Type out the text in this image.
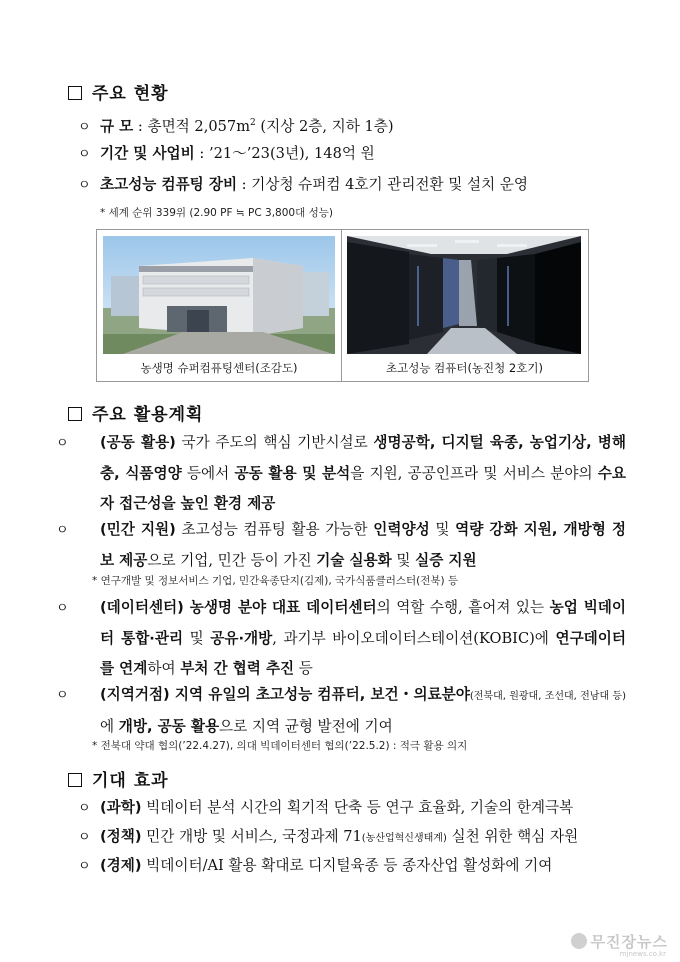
주요 현황
ㅇ 규 모 : 총면적 $2,057m^2$ (지상 2층, 지하 1층)
ㅇ 기간 및 사업비 : ’21～’23(3년), 148억 원
ㅇ 초고성능 컴퓨팅 장비 : 기상청 슈퍼컴 4호기 관리전환 및 설치 운영
* 세계 순위 339위 (2.90 PF ≒ PC 3,800대 성능)
농생명 슈퍼컴퓨팅센터(조감도)	초고성능 컴퓨터(농진청 2호기)
주요 활용계획
ㅇ (공동 활용) 국가 주도의 핵심 기반시설로 생명공학, 디지털 육종, 농업기상, 병해충, 식품영양 등에서 공동 활용 및 분석을 지원, 공공인프라 및 서비스 분야의 수요자 접근성을 높인 환경 제공
ㅇ (민간 지원) 초고성능 컴퓨팅 활용 가능한 인력양성 및 역량 강화 지원, 개방형 정보 제공으로 기업, 민간 등이 가진 기술 실용화 및 실증 지원
* 연구개발 및 정보서비스 기업, 민간육종단지(김제), 국가식품클러스터(전북) 등
ㅇ (데이터센터) 농생명 분야 대표 데이터센터의 역할 수행, 흩어져 있는 농업 빅데이터 통합·관리 및 공유·개방, 과기부 바이오데이터스테이션(KOBIC)에 연구데이터를 연계하여 부처 간 협력 추진 등
ㅇ (지역거점) 지역 유일의 초고성능 컴퓨터, 보건・의료분야(전북대, 원광대, 조선대, 전남대 등)에 개방, 공동 활용으로 지역 균형 발전에 기여
* 전북대 약대 협의(’22.4.27), 의대 빅데이터센터 협의(’22.5.2) : 적극 활용 의지
기대 효과
ㅇ (과학) 빅데이터 분석 시간의 획기적 단축 등 연구 효율화, 기술의 한계극복
ㅇ (정책) 민간 개방 및 서비스, 국정과제 71(농산업혁신생태계) 실천 위한 핵심 자원
ㅇ (경제) 빅데이터/AI 활용 확대로 디지털육종 등 종자산업 활성화에 기여
무진장뉴스
mjnews.co.kr
